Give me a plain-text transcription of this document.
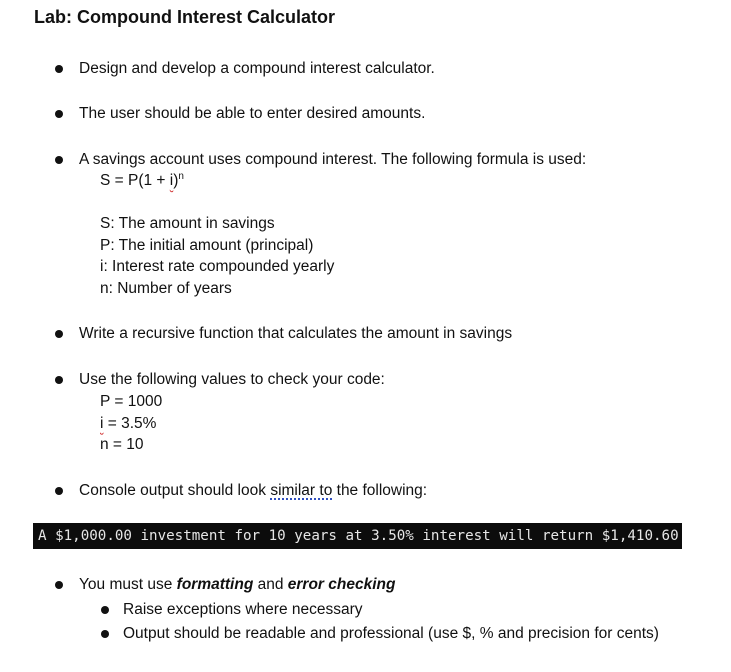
Lab: Compound Interest Calculator
Design and develop a compound interest calculator.
The user should be able to enter desired amounts.
A savings account uses compound interest. The following formula is used:
$S = P(1 + i)^n$
S: The amount in savings
P: The initial amount (principal)
i: Interest rate compounded yearly
n: Number of years
Write a recursive function that calculates the amount in savings
Use the following values to check your code:
P = 1000
i = 3.5%
n = 10
Console output should look similar to the following:
A $1,000.00 investment for 10 years at 3.50% interest will return $1,410.60
You must use formatting and error checking
Raise exceptions where necessary
Output should be readable and professional (use $, % and precision for cents)
